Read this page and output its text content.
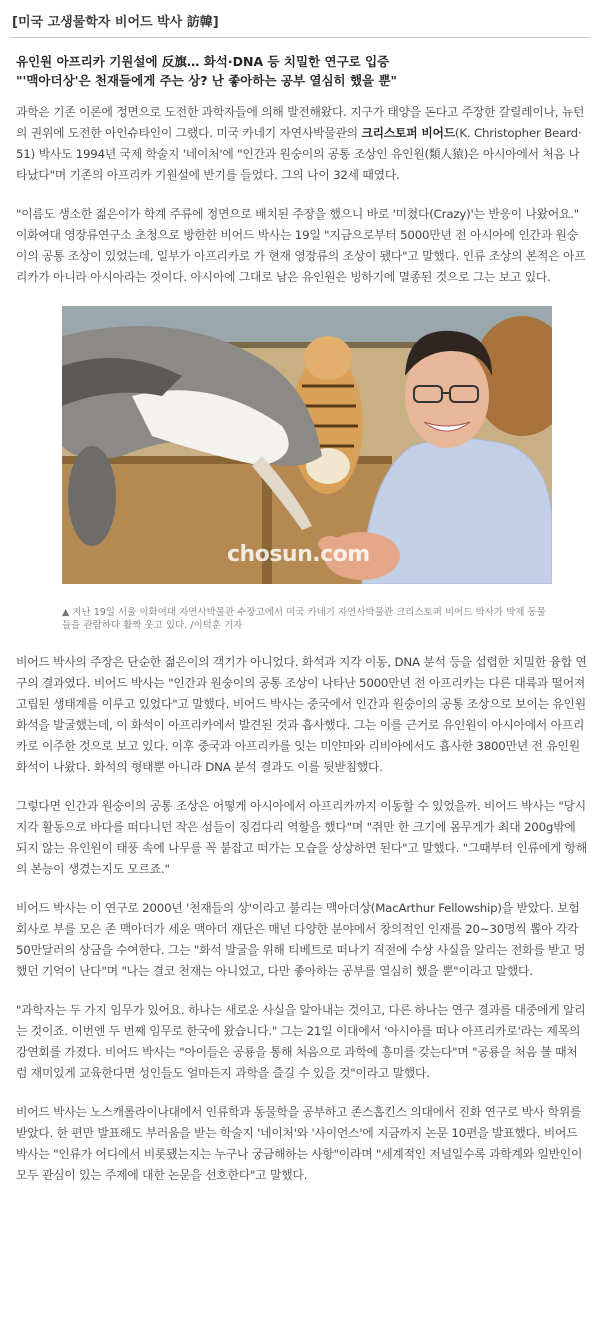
[미국 고생물학자 비어드 박사 訪韓]
유인원 아프리카 기원설에 反旗… 화석·DNA 등 치밀한 연구로 입증
"'맥아더상'은 천재들에게 주는 상? 난 좋아하는 공부 열심히 했을 뿐"

과학은 기존 이론에 정면으로 도전한 과학자들에 의해 발전해왔다. 지구가 태양을 돈다고 주장한 갈릴레이나, 뉴턴의 권위에 도전한 아인슈타인이 그랬다. 미국 카네기 자연사박물관의 크리스토퍼 비어드(K. Christopher Beard·51) 박사도 1994년 국제 학술지 '네이처'에 "인간과 원숭이의 공통 조상인 유인원(類人猿)은 아시아에서 처음 나타났다"며 기존의 아프리카 기원설에 반기를 들었다. 그의 나이 32세 때였다.

"이름도 생소한 젊은이가 학계 주류에 정면으로 배치된 주장을 했으니 바로 '미쳤다(Crazy)'는 반응이 나왔어요." 이화여대 영장류연구소 초청으로 방한한 비어드 박사는 19일 "지금으로부터 5000만년 전 아시아에 인간과 원숭이의 공통 조상이 있었는데, 일부가 아프리카로 가 현재 영장류의 조상이 됐다"고 말했다. 인류 조상의 본적은 아프리카가 아니라 아시아라는 것이다. 아시아에 그대로 남은 유인원은 빙하기에 멸종된 것으로 그는 보고 있다.

chosun.com
▲ 지난 19일 서울 이화여대 자연사박물관 수장고에서 미국 카네기 자연사박물관 크리스토퍼 비어드 박사가 박제 동물들을 관람하다 활짝 웃고 있다. /이덕훈 기자

비어드 박사의 주장은 단순한 젊은이의 객기가 아니었다. 화석과 지각 이동, DNA 분석 등을 섭렵한 치밀한 융합 연구의 결과였다. 비어드 박사는 "인간과 원숭이의 공통 조상이 나타난 5000만년 전 아프리카는 다른 대륙과 떨어져 고립된 생태계를 이루고 있었다"고 말했다. 비어드 박사는 중국에서 인간과 원숭이의 공통 조상으로 보이는 유인원 화석을 발굴했는데, 이 화석이 아프리카에서 발견된 것과 흡사했다. 그는 이를 근거로 유인원이 아시아에서 아프리카로 이주한 것으로 보고 있다. 이후 중국과 아프리카를 잇는 미얀마와 리비아에서도 흡사한 3800만년 전 유인원 화석이 나왔다. 화석의 형태뿐 아니라 DNA 분석 결과도 이를 뒷받침했다.

그렇다면 인간과 원숭이의 공통 조상은 어떻게 아시아에서 아프리카까지 이동할 수 있었을까. 비어드 박사는 "당시 지각 활동으로 바다를 떠다니던 작은 섬들이 징검다리 역할을 했다"며 "쥐만 한 크기에 몸무게가 최대 200g밖에 되지 않는 유인원이 태풍 속에 나무를 꼭 붙잡고 떠가는 모습을 상상하면 된다"고 말했다. "그때부터 인류에게 항해의 본능이 생겼는지도 모르죠."

비어드 박사는 이 연구로 2000년 '천재들의 상'이라고 불리는 맥아더상(MacArthur Fellowship)을 받았다. 보험회사로 부를 모은 존 맥아더가 세운 맥아더 재단은 매년 다양한 분야에서 창의적인 인재를 20~30명씩 뽑아 각각 50만달러의 상금을 수여한다. 그는 "화석 발굴을 위해 티베트로 떠나기 직전에 수상 사실을 알리는 전화를 받고 멍했던 기억이 난다"며 "나는 결코 천재는 아니었고, 다만 좋아하는 공부를 열심히 했을 뿐"이라고 말했다.

"과학자는 두 가지 임무가 있어요. 하나는 새로운 사실을 알아내는 것이고, 다른 하나는 연구 결과를 대중에게 알리는 것이죠. 이번엔 두 번째 임무로 한국에 왔습니다." 그는 21일 이대에서 '아시아를 떠나 아프리카로'라는 제목의 강연회를 가졌다. 비어드 박사는 "아이들은 공룡을 통해 처음으로 과학에 흥미를 갖는다"며 "공룡을 처음 볼 때처럼 재미있게 교육한다면 성인들도 얼마든지 과학을 즐길 수 있을 것"이라고 말했다.

비어드 박사는 노스캐롤라이나대에서 인류학과 동물학을 공부하고 존스홉킨스 의대에서 진화 연구로 박사 학위를 받았다. 한 편만 발표해도 부러움을 받는 학술지 '네이처'와 '사이언스'에 지금까지 논문 10편을 발표했다. 비어드 박사는 "인류가 어디에서 비롯됐는지는 누구나 궁금해하는 사항"이라며 "세계적인 저널일수록 과학계와 일반인이 모두 관심이 있는 주제에 대한 논문을 선호한다"고 말했다.
